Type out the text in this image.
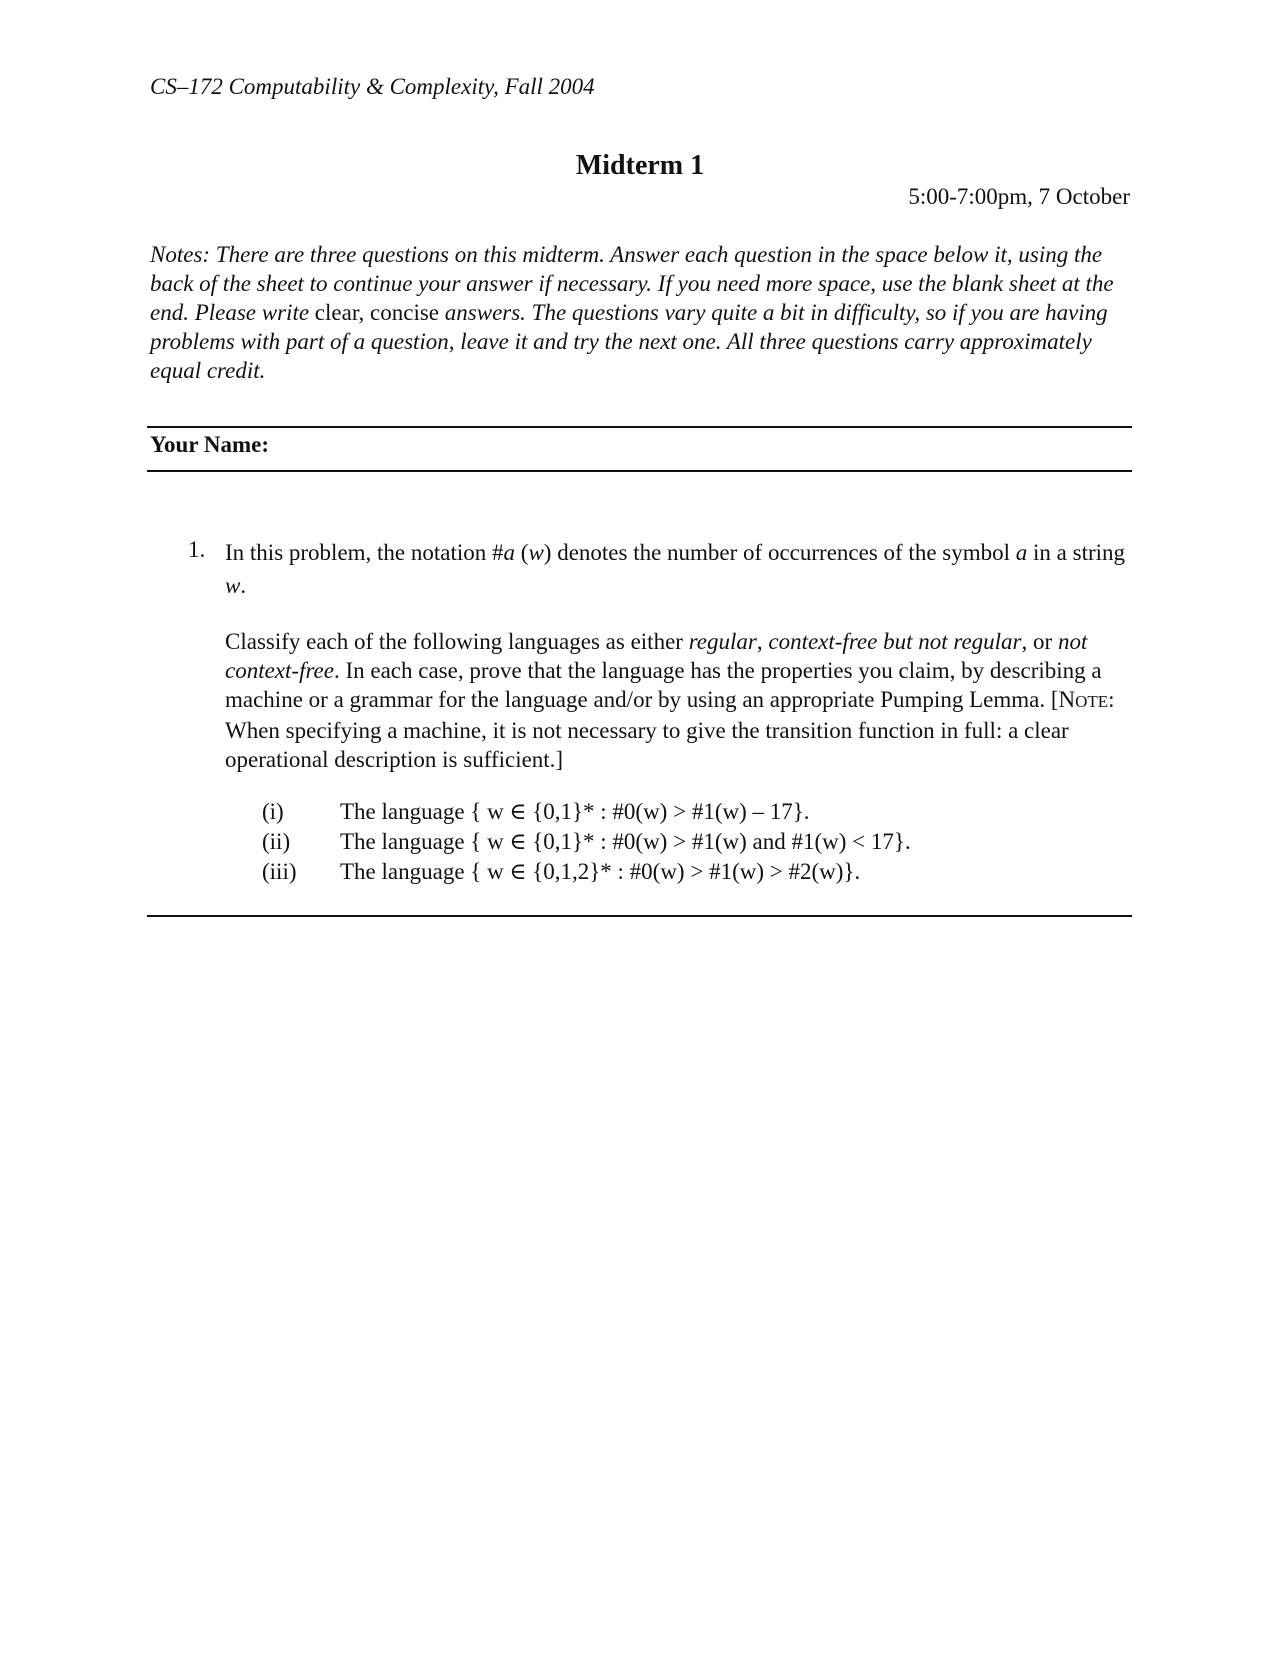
CS–172 Computability & Complexity, Fall 2004
Midterm 1
5:00-7:00pm, 7 October
Notes: There are three questions on this midterm. Answer each question in the space below it, using the back of the sheet to continue your answer if necessary. If you need more space, use the blank sheet at the end. Please write clear, concise answers. The questions vary quite a bit in difficulty, so if you are having problems with part of a question, leave it and try the next one. All three questions carry approximately equal credit.
Your Name:
1. In this problem, the notation #a (w) denotes the number of occurrences of the symbol a in a string w.
Classify each of the following languages as either regular, context-free but not regular, or not context-free. In each case, prove that the language has the properties you claim, by describing a machine or a grammar for the language and/or by using an appropriate Pumping Lemma. [NOTE: When specifying a machine, it is not necessary to give the transition function in full: a clear operational description is sufficient.]
(i) The language { w ∈ {0,1}* : #0(w) > #1(w) – 17}.
(ii) The language { w ∈ {0,1}* : #0(w) > #1(w) and #1(w) < 17}.
(iii) The language { w ∈ {0,1,2}* : #0(w) > #1(w) > #2(w)}.
